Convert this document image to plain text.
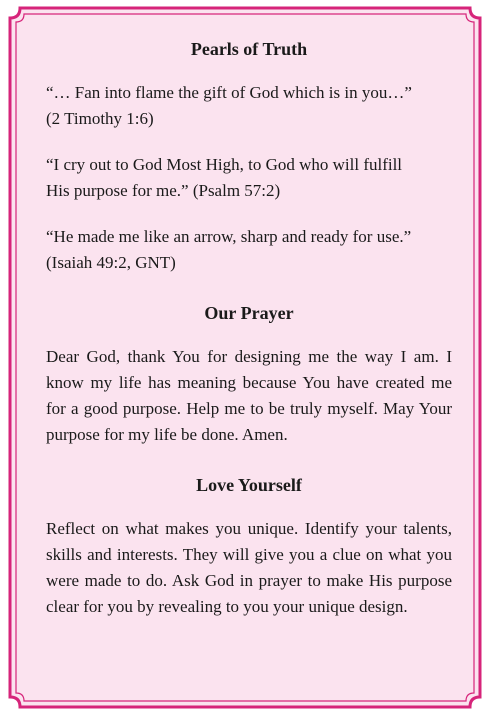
Pearls of Truth

“… Fan into flame the gift of God which is in you…”

(2 Timothy 1:6)

“I cry out to God Most High, to God who will fulfill

His purpose for me.” (Psalm 57:2)

“He made me like an arrow, sharp and ready for use.”

(Isaiah 49:2, GNT)

Our Prayer

Dear God, thank You for designing me the way I am. I know my life has meaning because You have created me for a good purpose. Help me to be truly myself. May Your purpose for my life be done. Amen.

Love Yourself

Reflect on what makes you unique. Identify your talents, skills and interests. They will give you a clue on what you were made to do. Ask God in prayer to make His purpose clear for you by revealing to you your unique design.
